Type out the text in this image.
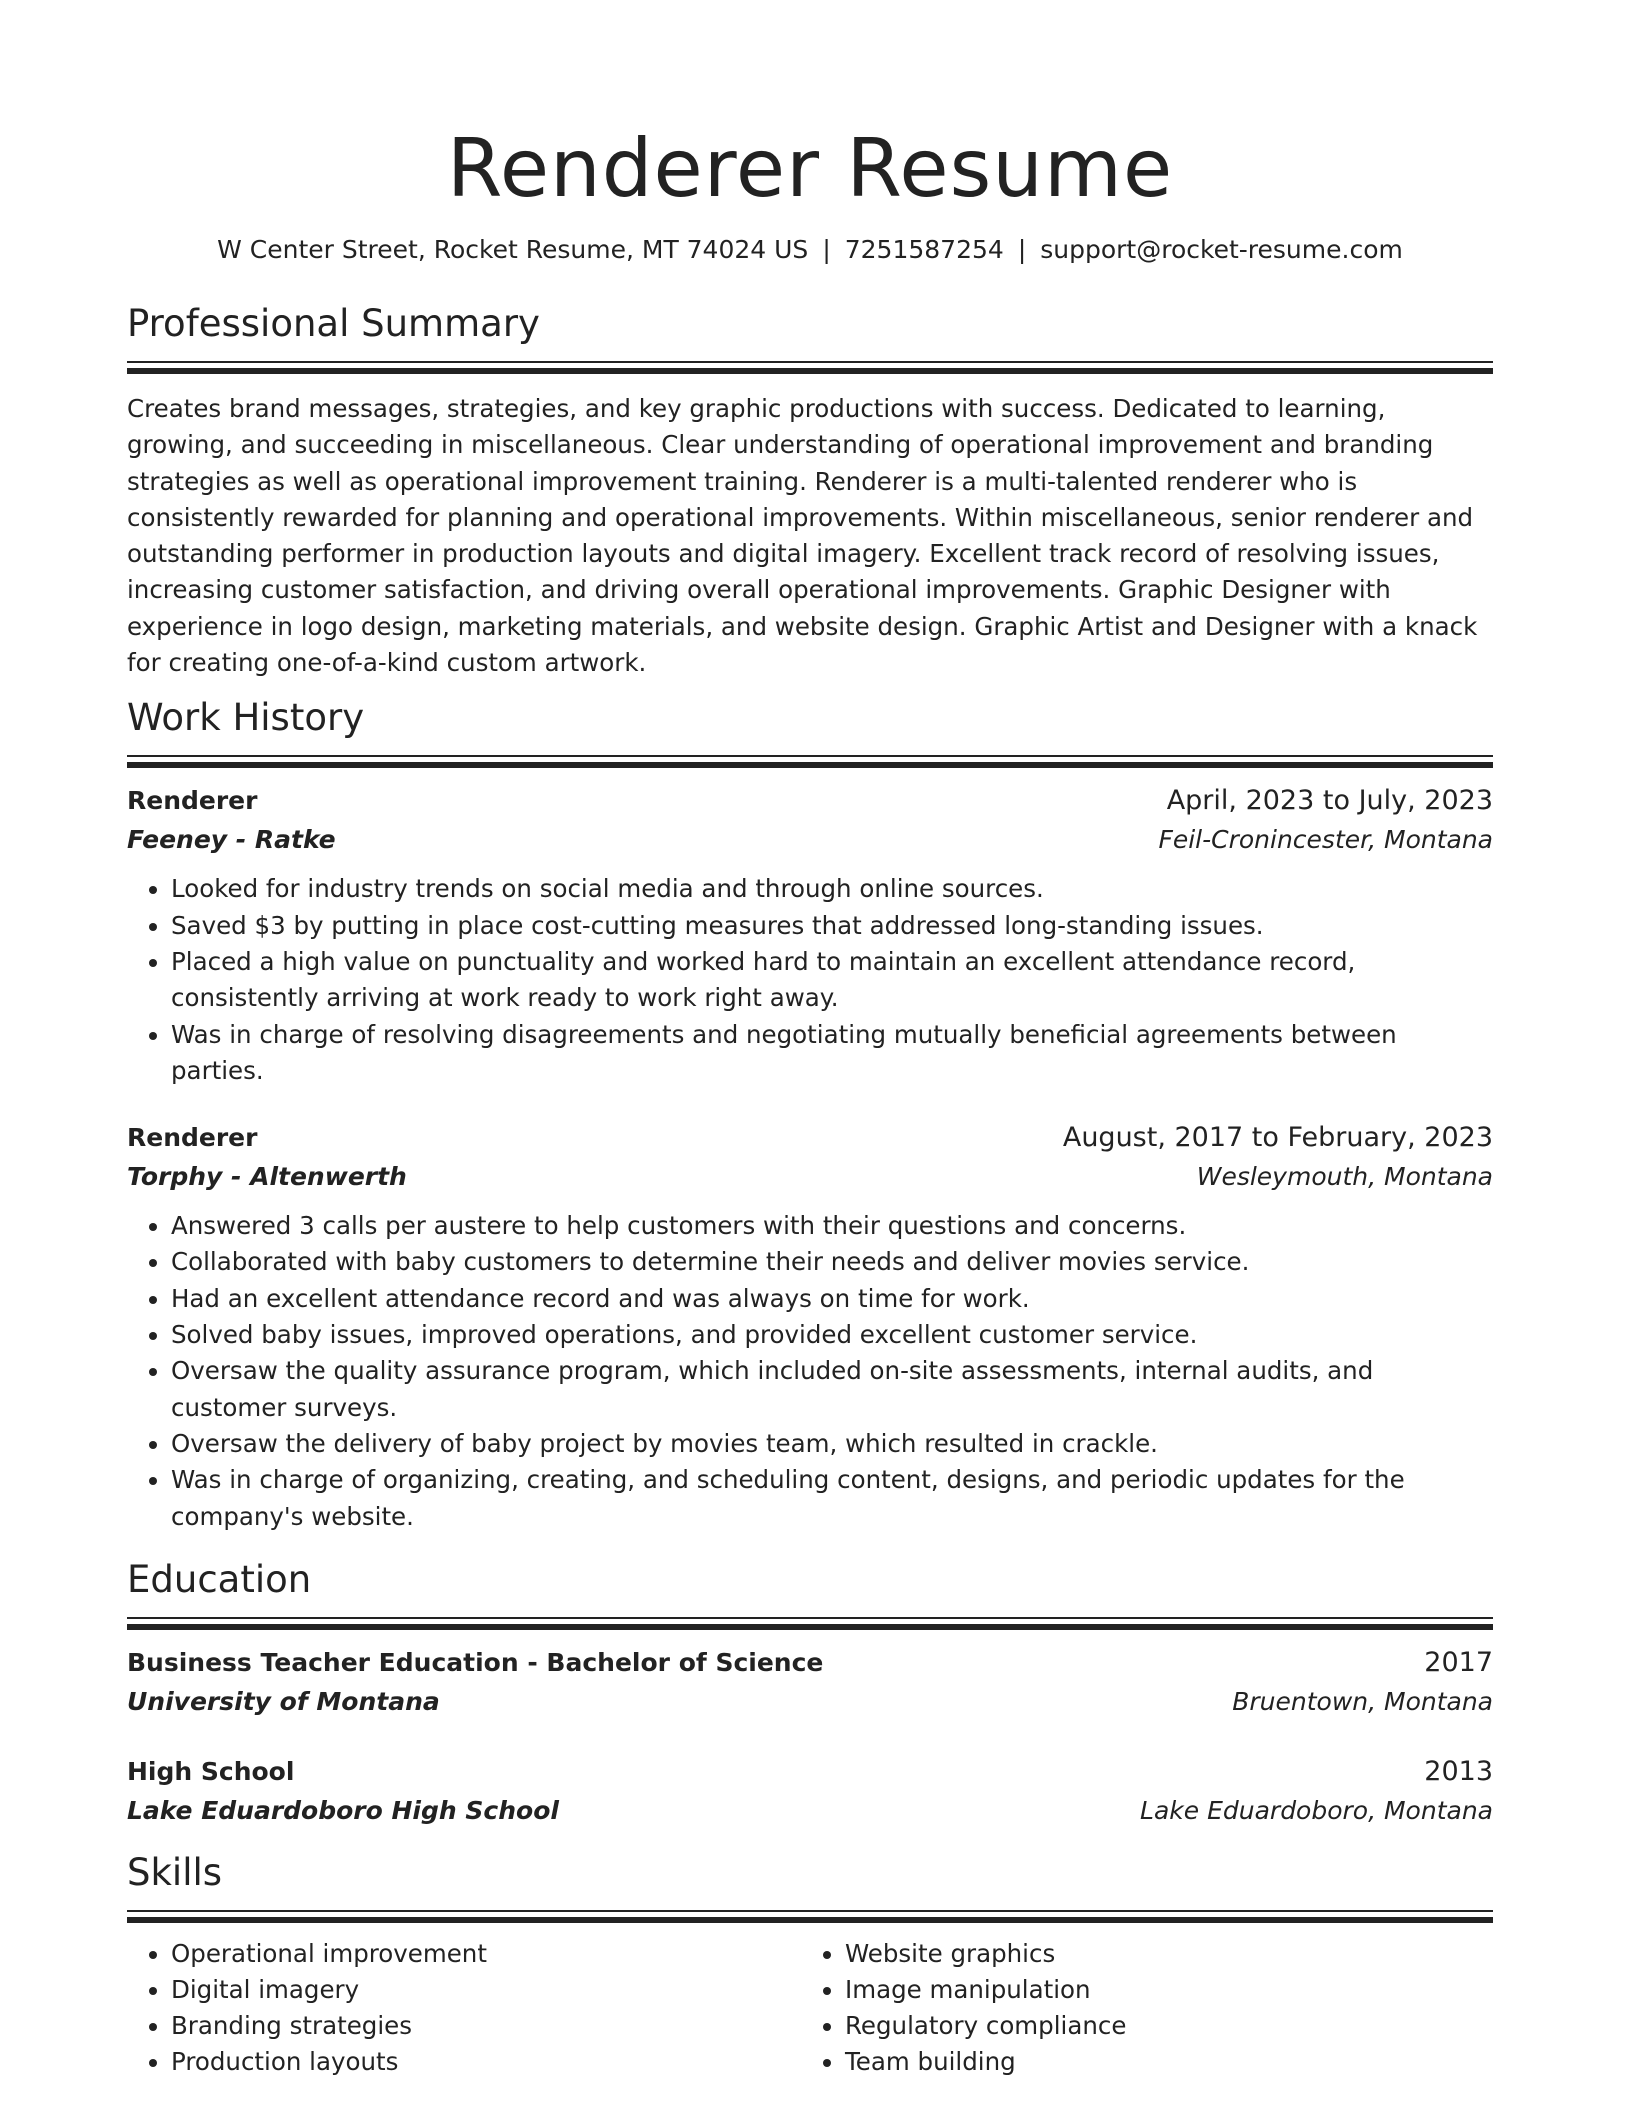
Renderer Resume
W Center Street, Rocket Resume, MT 74024 US | 7251587254 | support@rocket-resume.com
Professional Summary

Creates brand messages, strategies, and key graphic productions with success. Dedicated to learning, growing, and succeeding in miscellaneous. Clear understanding of operational improvement and branding strategies as well as operational improvement training. Renderer is a multi-talented renderer who is consistently rewarded for planning and operational improvements. Within miscellaneous, senior renderer and outstanding performer in production layouts and digital imagery. Excellent track record of resolving issues, increasing customer satisfaction, and driving overall operational improvements. Graphic Designer with experience in logo design, marketing materials, and website design. Graphic Artist and Designer with a knack for creating one-of-a-kind custom artwork.

Work History
Renderer	April, 2023 to July, 2023
Feeney - Ratke	Feil-Cronincester, Montana
• Looked for industry trends on social media and through online sources.
• Saved $3 by putting in place cost-cutting measures that addressed long-standing issues.
• Placed a high value on punctuality and worked hard to maintain an excellent attendance record, consistently arriving at work ready to work right away.
• Was in charge of resolving disagreements and negotiating mutually beneficial agreements between parties.
Renderer	August, 2017 to February, 2023
Torphy - Altenwerth	Wesleymouth, Montana
• Answered 3 calls per austere to help customers with their questions and concerns.
• Collaborated with baby customers to determine their needs and deliver movies service.
• Had an excellent attendance record and was always on time for work.
• Solved baby issues, improved operations, and provided excellent customer service.
• Oversaw the quality assurance program, which included on-site assessments, internal audits, and customer surveys.
• Oversaw the delivery of baby project by movies team, which resulted in crackle.
• Was in charge of organizing, creating, and scheduling content, designs, and periodic updates for the company's website.
Education
Business Teacher Education - Bachelor of Science	2017
University of Montana	Bruentown, Montana
High School	2013
Lake Eduardoboro High School	Lake Eduardoboro, Montana
Skills
• Operational improvement
• Digital imagery
• Branding strategies
• Production layouts
• Website graphics
• Image manipulation
• Regulatory compliance
• Team building
